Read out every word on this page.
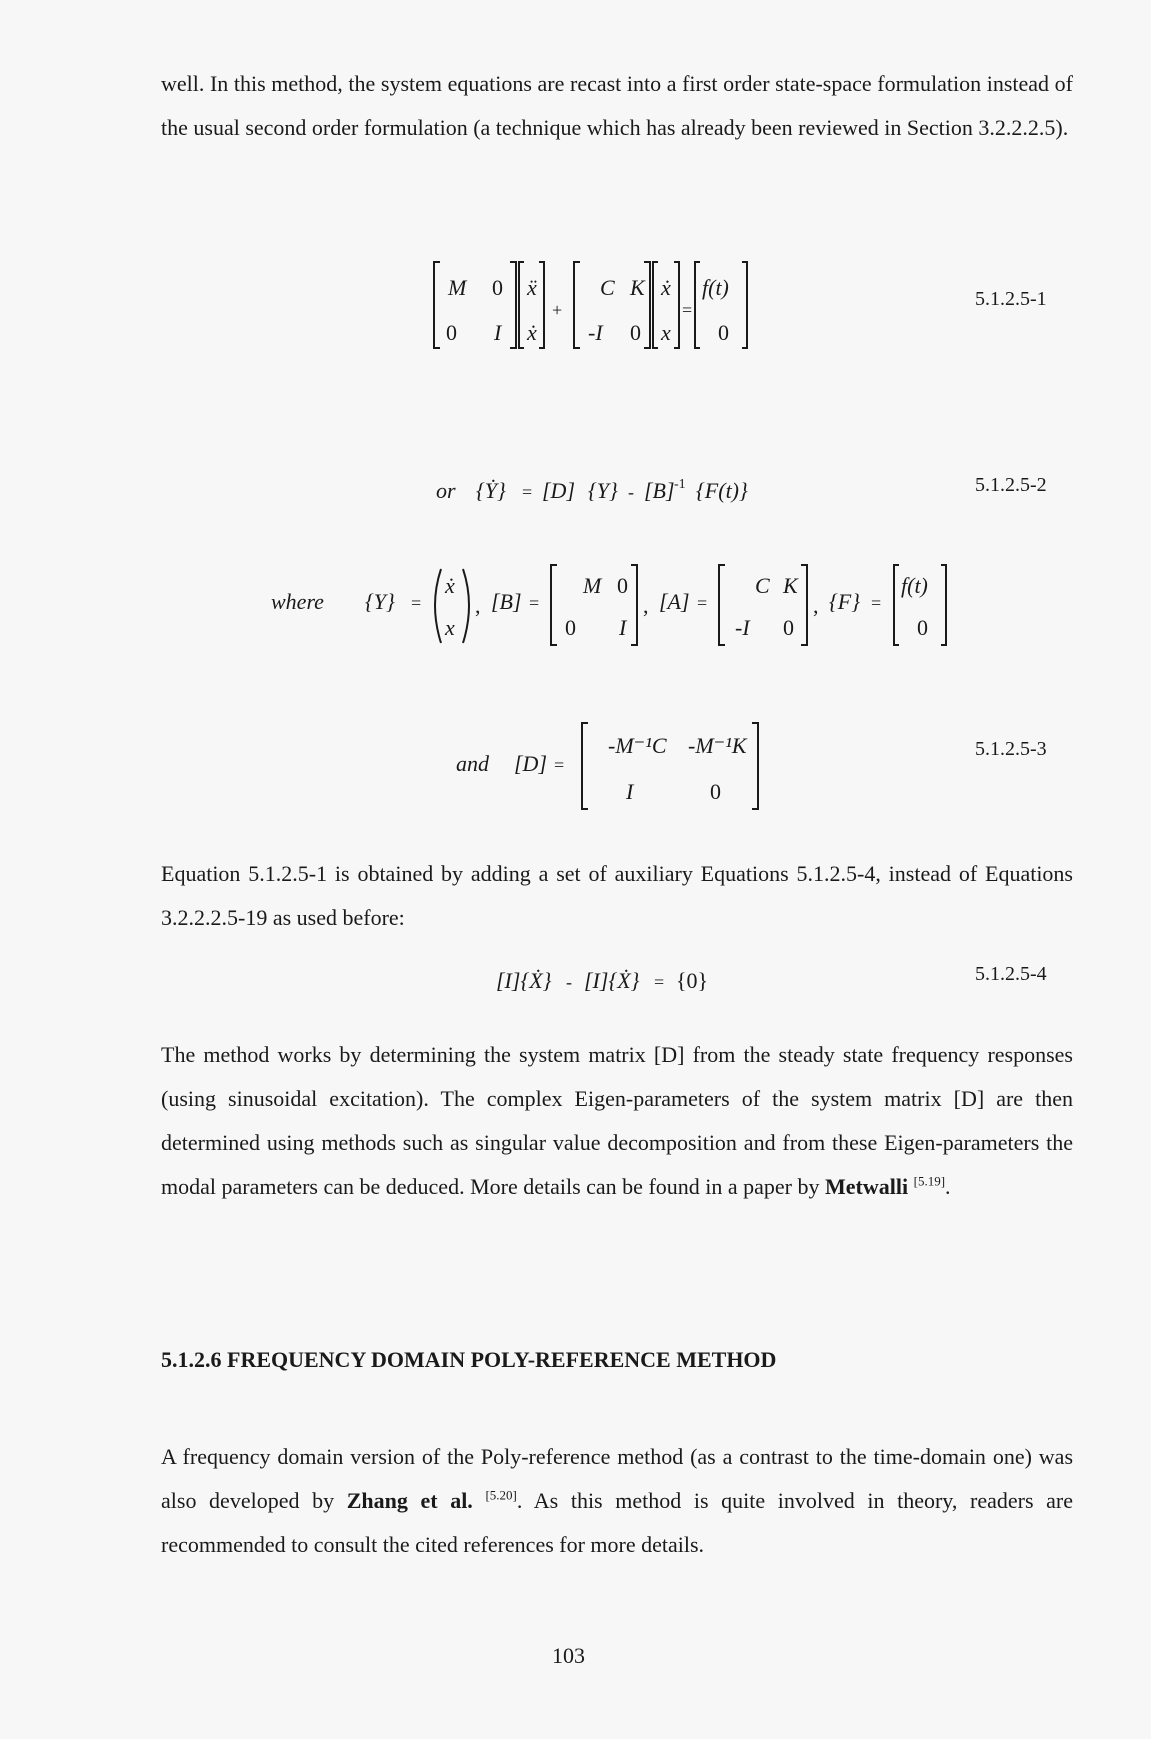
well. In this method, the system equations are recast into a first order state-space formulation instead of the usual second order formulation (a technique which has already been reviewed in Section 3.2.2.2.5).
M 0
0 I
ẍ
ẋ
+
C K
-I 0
ẋ
x
=
f(t)
0
5.1.2.5-1
or {Ẏ} = [D] {Y} - [B] -1 {F(t)}	5.1.2.5-2
where {Y} =
ẋ
x
, [B] =
M 0
0 I
, [A] =
C K
-I 0
, {F} =
f(t)
0
and [D] =
-M⁻¹C -M⁻¹K
I	0
5.1.2.5-3
Equation 5.1.2.5-1 is obtained by adding a set of auxiliary Equations 5.1.2.5-4, instead of Equations 3.2.2.2.5-19 as used before:
[I]{Ẋ} - [I]{Ẋ} = {0}	5.1.2.5-4
The method works by determining the system matrix [D] from the steady state frequency responses (using sinusoidal excitation). The complex Eigen-parameters of the system matrix [D] are then determined using methods such as singular value decomposition and from these Eigen-parameters the modal parameters can be deduced. More details can be found in a paper by Metwalli [5.19].
5.1.2.6 FREQUENCY DOMAIN POLY-REFERENCE METHOD
A frequency domain version of the Poly-reference method (as a contrast to the time-domain one) was also developed by Zhang et al. [5.20]. As this method is quite involved in theory, readers are recommended to consult the cited references for more details.
103
